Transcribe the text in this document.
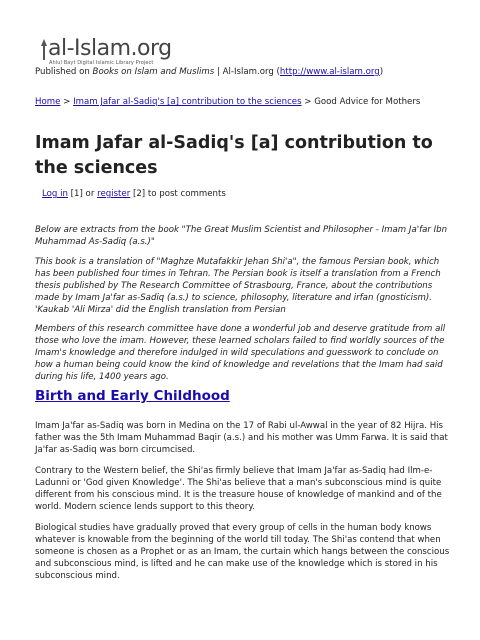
al-Islam.org
Ahlul Bayt Digital Islamic Library Project
Published on Books on Islam and Muslims | Al-Islam.org (http://www.al-islam.org)
Home > Imam Jafar al-Sadiq's [a] contribution to the sciences > Good Advice for Mothers
Imam Jafar al-Sadiq's [a] contribution to the sciences
Log in [1] or register [2] to post comments

Below are extracts from the book "The Great Muslim Scientist and Philosopher - Imam Ja'far Ibn Muhammad As-Sadiq (a.s.)"

This book is a translation of "Maghze Mutafakkir Jehan Shi'a", the famous Persian book, which has been published four times in Tehran. The Persian book is itself a translation from a French thesis published by The Research Committee of Strasbourg, France, about the contributions made by Imam Ja'far as-Sadiq (a.s.) to science, philosophy, literature and irfan (gnosticism). 'Kaukab 'Ali Mirza' did the English translation from Persian

Members of this research committee have done a wonderful job and deserve gratitude from all those who love the imam. However, these learned scholars failed to find worldly sources of the Imam's knowledge and therefore indulged in wild speculations and guesswork to conclude on how a human being could know the kind of knowledge and revelations that the Imam had said during his life, 1400 years ago.

Birth and Early Childhood

Imam Ja'far as-Sadiq was born in Medina on the 17 of Rabi ul-Awwal in the year of 82 Hijra. His father was the 5th Imam Muhammad Baqir (a.s.) and his mother was Umm Farwa. It is said that Ja'far as-Sadiq was born circumcised.

Contrary to the Western belief, the Shi'as firmly believe that Imam Ja'far as-Sadiq had Ilm-e-Ladunni or 'God given Knowledge'. The Shi'as believe that a man's subconscious mind is quite different from his conscious mind. It is the treasure house of knowledge of mankind and of the world. Modern science lends support to this theory.

Biological studies have gradually proved that every group of cells in the human body knows whatever is knowable from the beginning of the world till today. The Shi'as contend that when someone is chosen as a Prophet or as an Imam, the curtain which hangs between the conscious and subconscious mind, is lifted and he can make use of the knowledge which is stored in his subconscious mind.
